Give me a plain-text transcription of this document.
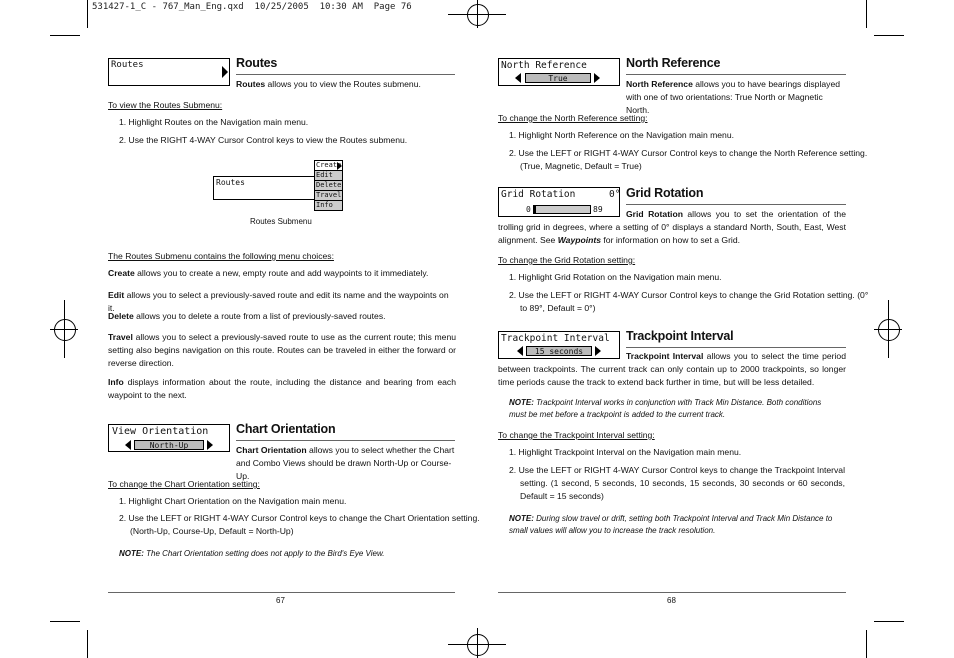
531427-1_C - 767_Man_Eng.qxd  10/25/2005  10:30 AM  Page 76
Routes	Routes
Routes allows you to view the Routes submenu.
To view the Routes Submenu:
1. Highlight Routes on the Navigation main menu.
2. Use the RIGHT 4-WAY Cursor Control keys to view the Routes submenu.
Routes
Create
Edit
Delete
Travel
Info
Routes Submenu
The Routes Submenu contains the following menu choices:
Create allows you to create a new, empty route and add waypoints to it immediately.
Edit allows you to select a previously-saved route and edit its name and the waypoints on it.
Delete allows you to delete a route from a list of previously-saved routes.
Travel allows you to select a previously-saved route to use as the current route; this menu setting also begins navigation on this route. Routes can be traveled in either the forward or reverse direction.
Info displays information about the route, including the distance and bearing from each waypoint to the next.
View Orientation
North-Up
Chart Orientation
Chart Orientation allows you to select whether the Chart and Combo Views should be drawn North-Up or Course-Up.
To change the Chart Orientation setting:
1. Highlight Chart Orientation on the Navigation main menu.
2. Use the LEFT or RIGHT 4-WAY Cursor Control keys to change the Chart Orientation setting.
(North-Up, Course-Up, Default = North-Up)
NOTE: The Chart Orientation setting does not apply to the Bird's Eye View.
67
North Reference
True
North Reference
North Reference allows you to have bearings displayed with one of two orientations: True North or Magnetic North.
To change the North Reference setting:
1. Highlight North Reference on the Navigation main menu.
2. Use the LEFT or RIGHT 4-WAY Cursor Control keys to change the North Reference setting.
(True, Magnetic, Default = True)
Grid Rotation	0°
0	89
Grid Rotation
Grid Rotation allows you to set the orientation of the trolling grid in degrees, where a setting of 0° displays a standard North, South, East, West alignment. See Waypoints for information on how to set a Grid.
To change the Grid Rotation setting:
1. Highlight Grid Rotation on the Navigation main menu.
2. Use the LEFT or RIGHT 4-WAY Cursor Control keys to change the Grid Rotation setting. (0°
to 89°, Default = 0°)
Trackpoint Interval
15 seconds
Trackpoint Interval
Trackpoint Interval allows you to select the time period between trackpoints. The current track can only contain up to 2000 trackpoints, so longer time periods cause the track to extend back further in time, but will be less detailed.
NOTE: Trackpoint Interval works in conjunction with Track Min Distance. Both conditions must be met before a trackpoint is added to the current track.
To change the Trackpoint Interval setting:
1. Highlight Trackpoint Interval on the Navigation main menu.
2. Use the LEFT or RIGHT 4-WAY Cursor Control keys to change the Trackpoint Interval setting. (1 second, 5 seconds, 10 seconds, 15 seconds, 30 seconds or 60 seconds, Default = 15 seconds)
NOTE: During slow travel or drift, setting both Trackpoint Interval and Track Min Distance to small values will allow you to increase the track resolution.
68
